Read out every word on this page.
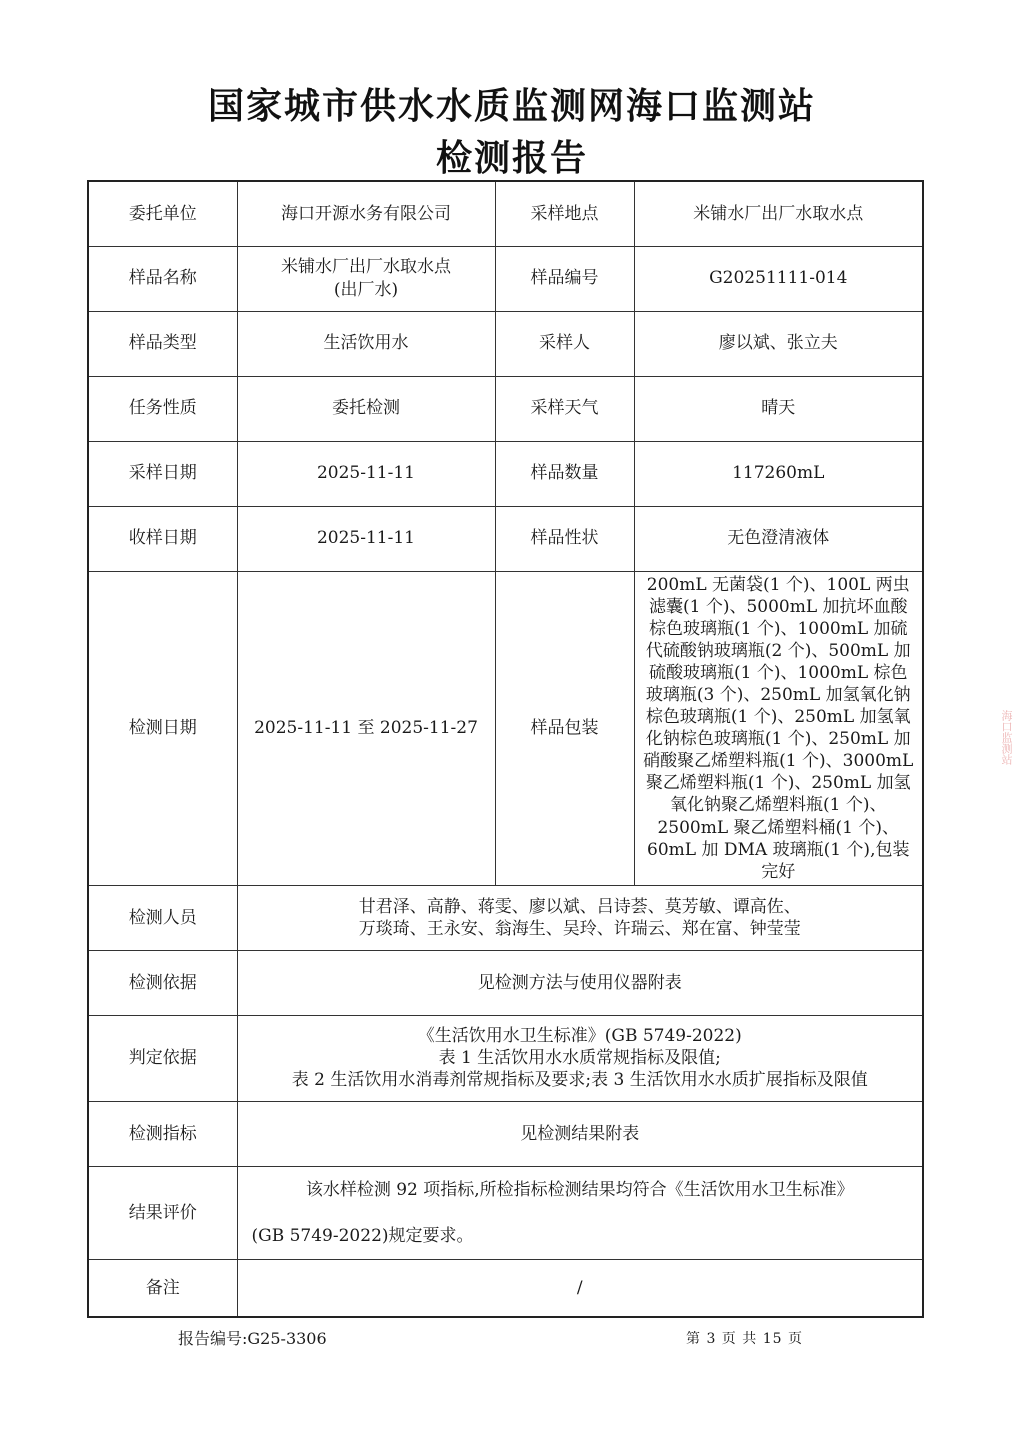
国家城市供水水质监测网海口监测站
检测报告
委托单位	海口开源水务有限公司	采样地点	米铺水厂出厂水取水点
样品名称	米铺水厂出厂水取水点
(出厂水)	样品编号	G20251111-014
样品类型	生活饮用水	采样人	廖以斌、张立夫
任务性质	委托检测	采样天气	晴天
采样日期	2025-11-11	样品数量	117260mL
收样日期	2025-11-11	样品性状	无色澄清液体
检测日期	2025-11-11 至 2025-11-27	样品包装	200mL 无菌袋(1 个)、100L 两虫滤囊(1 个)、5000mL 加抗坏血酸棕色玻璃瓶(1 个)、1000mL 加硫代硫酸钠玻璃瓶(2 个)、500mL 加硫酸玻璃瓶(1 个)、1000mL 棕色玻璃瓶(3 个)、250mL 加氢氧化钠棕色玻璃瓶(1 个)、250mL 加氢氧化钠棕色玻璃瓶(1 个)、250mL 加硝酸聚乙烯塑料瓶(1 个)、3000mL 聚乙烯塑料瓶(1 个)、250mL 加氢氧化钠聚乙烯塑料瓶(1 个)、2500mL 聚乙烯塑料桶(1 个)、60mL 加 DMA 玻璃瓶(1 个),包装完好
检测人员	甘君泽、高静、蒋雯、廖以斌、吕诗荟、莫芳敏、谭高佐、
万琰琦、王永安、翁海生、吴玲、许瑞云、郑在富、钟莹莹		

检测依据	见检测方法与使用仪器附表		
判定依据	《生活饮用水卫生标准》(GB 5749-2022)
表 1 生活饮用水水质常规指标及限值;
表 2 生活饮用水消毒剂常规指标及要求;表 3 生活饮用水水质扩展指标及限值		

检测指标	见检测结果附表		
结果评价	该水样检测 92 项指标,所检指标检测结果均符合《生活饮用水卫生标准》
(GB 5749-2022)规定要求。		

备注	/		
报告编号:G25-3306	第 3 页 共 15 页
海口监测站
